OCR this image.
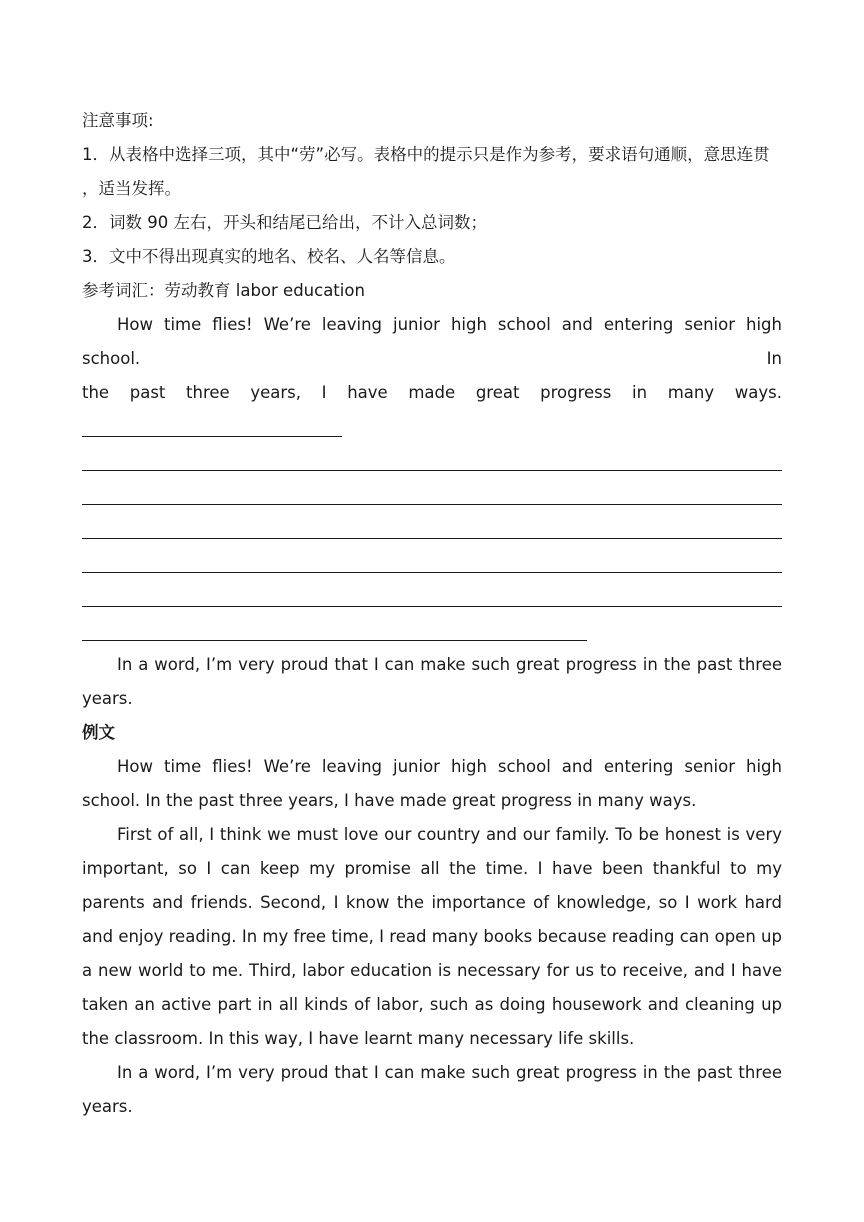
注意事项:

1．从表格中选择三项，其中“劳”必写。表格中的提示只是作为参考，要求语句通顺，意思连贯

，适当发挥。

2．词数 90 左右，开头和结尾已给出，不计入总词数；

3．文中不得出现真实的地名、校名、人名等信息。

参考词汇：劳动教育 labor education

How time flies! We’re leaving junior high school and entering senior high school. In

the past three years, I have made great progress in many ways.

In a word, I’m very proud that I can make such great progress in the past three years.

例文

How time flies! We’re leaving junior high school and entering senior high school. In the past three years, I have made great progress in many ways.

First of all, I think we must love our country and our family. To be honest is very important, so I can keep my promise all the time. I have been thankful to my parents and friends. Second, I know the importance of knowledge, so I work hard and enjoy reading. In my free time, I read many books because reading can open up a new world to me. Third, labor education is necessary for us to receive, and I have taken an active part in all kinds of labor, such as doing housework and cleaning up the classroom. In this way, I have learnt many necessary life skills.

In a word, I’m very proud that I can make such great progress in the past three years.
